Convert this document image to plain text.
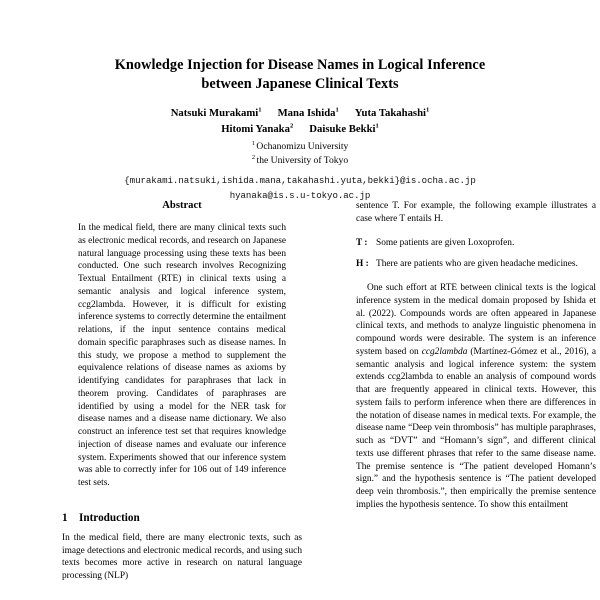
Knowledge Injection for Disease Names in Logical Inference
between Japanese Clinical Texts
Natsuki Murakami$^1$ Mana Ishida$^1$ Yuta Takahashi$^1$
Hitomi Yanaka$^2$ Daisuke Bekki$^1$
$^1$ Ochanomizu University
$^2$ the University of Tokyo
{murakami.natsuki,ishida.mana,takahashi.yuta,bekki}@is.ocha.ac.jp
hyanaka@is.s.u-tokyo.ac.jp
Abstract

In the medical field, there are many clinical texts such as electronic medical records, and research on Japanese natural language processing using these texts has been conducted. One such research involves Recognizing Textual Entailment (RTE) in clinical texts using a semantic analysis and logical inference system, ccg2lambda. However, it is difficult for existing inference systems to correctly determine the entailment relations, if the input sentence contains medical domain specific paraphrases such as disease names. In this study, we propose a method to supplement the equivalence relations of disease names as axioms by identifying candidates for paraphrases that lack in theorem proving. Candidates of paraphrases are identified by using a model for the NER task for disease names and a disease name dictionary. We also construct an inference test set that requires knowledge injection of disease names and evaluate our inference system. Experiments showed that our inference system was able to correctly infer for 106 out of 149 inference test sets.

1 Introduction

In the medical field, there are many electronic texts, such as image detections and electronic medical records, and using such texts becomes more active in research on natural language processing (NLP)

sentence T. For example, the following example illustrates a case where T entails H.

T : Some patients are given Loxoprofen.
H : There are patients who are given headache medicines.

One such effort at RTE between clinical texts is the logical inference system in the medical domain proposed by Ishida et al. (2022). Compounds words are often appeared in Japanese clinical texts, and methods to analyze linguistic phenomena in compound words were desirable. The system is an inference system based on ccg2lambda (Martínez-Gómez et al., 2016), a semantic analysis and logical inference system: the system extends ccg2lambda to enable an analysis of compound words that are frequently appeared in clinical texts. However, this system fails to perform inference when there are differences in the notation of disease names in medical texts. For example, the disease name “Deep vein thrombosis” has multiple paraphrases, such as “DVT” and “Homann’s sign”, and different clinical texts use different phrases that refer to the same disease name. The premise sentence is “The patient developed Homann’s sign.” and the hypothesis sentence is “The patient developed deep vein thrombosis.”, then empirically the premise sentence implies the hypothesis sentence. To show this entailment
